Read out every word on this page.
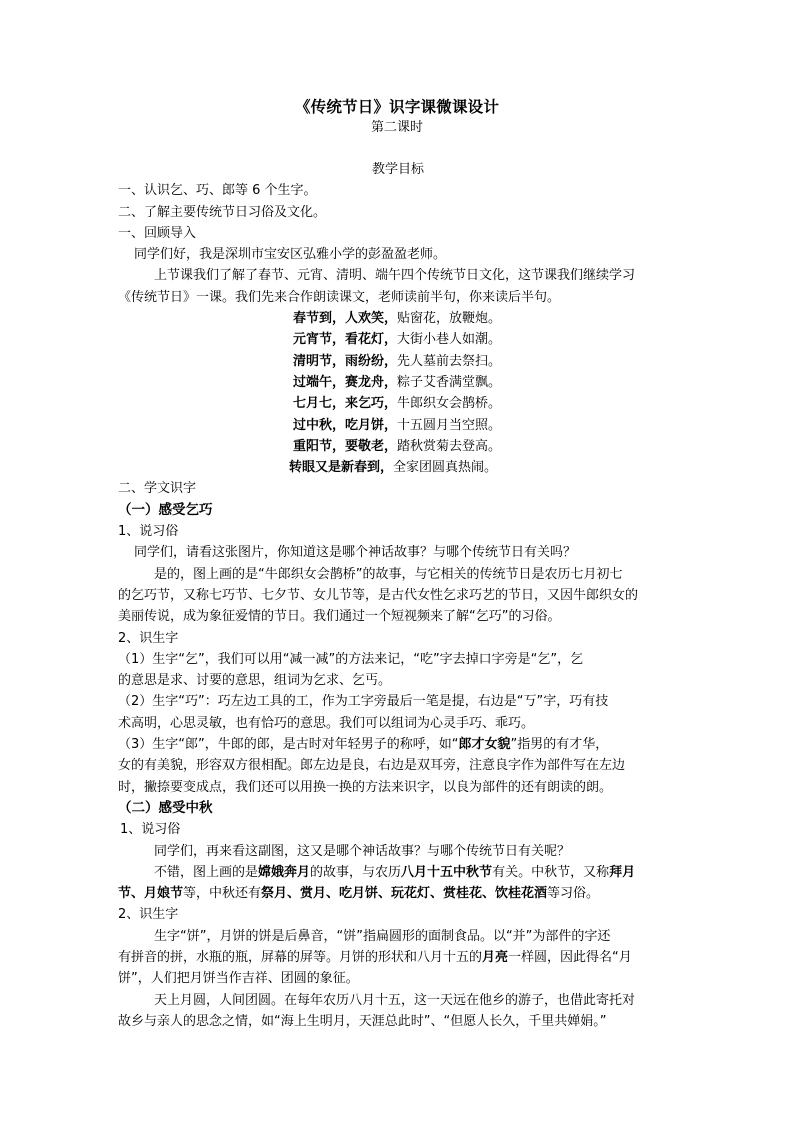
《传统节日》识字课微课设计
第二课时
教学目标
一、认识乞、巧、郎等 6 个生字。
二、了解主要传统节日习俗及文化。
一、回顾导入
同学们好，我是深圳市宝安区弘雅小学的彭盈盈老师。
上节课我们了解了春节、元宵、清明、端午四个传统节日文化，这节课我们继续学习
《传统节日》一课。我们先来合作朗读课文，老师读前半句，你来读后半句。
春节到，人欢笑，贴窗花，放鞭炮。
元宵节，看花灯，大街小巷人如潮。
清明节，雨纷纷，先人墓前去祭扫。
过端午，赛龙舟，粽子艾香满堂飘。
七月七，来乞巧，牛郎织女会鹊桥。
过中秋，吃月饼，十五圆月当空照。
重阳节，要敬老，踏秋赏菊去登高。
转眼又是新春到，全家团圆真热闹。
二、学文识字
（一）感受乞巧
1、说习俗
同学们，请看这张图片，你知道这是哪个神话故事？与哪个传统节日有关吗？
是的，图上画的是“牛郎织女会鹊桥”的故事，与它相关的传统节日是农历七月初七
的乞巧节，又称七巧节、七夕节、女儿节等，是古代女性乞求巧艺的节日，又因牛郎织女的
美丽传说，成为象征爱情的节日。我们通过一个短视频来了解“乞巧”的习俗。
2、识生字
（1）生字“乞”，我们可以用“减一减”的方法来记，“吃”字去掉口字旁是“乞”，乞
的意思是求、讨要的意思，组词为乞求、乞丐。
（2）生字“巧”：巧左边工具的工，作为工字旁最后一笔是提，右边是“丂”字，巧有技
术高明，心思灵敏，也有恰巧的意思。我们可以组词为心灵手巧、乖巧。
（3）生字“郎”，牛郎的郎，是古时对年轻男子的称呼，如“郎才女貌”指男的有才华，
女的有美貌，形容双方很相配。郎左边是良，右边是双耳旁，注意良字作为部件写在左边
时，撇捺要变成点，我们还可以用换一换的方法来识字，以良为部件的还有朗读的朗。
（二）感受中秋
1、说习俗
同学们，再来看这副图，这又是哪个神话故事？与哪个传统节日有关呢？
不错，图上画的是嫦娥奔月的故事，与农历八月十五中秋节有关。中秋节，又称拜月
节、月娘节等，中秋还有祭月、赏月、吃月饼、玩花灯、赏桂花、饮桂花酒等习俗。
2、识生字
生字“饼”，月饼的饼是后鼻音，“饼”指扁圆形的面制食品。以“并”为部件的字还
有拼音的拼，水瓶的瓶，屏幕的屏等。月饼的形状和八月十五的月亮一样圆，因此得名“月
饼”，人们把月饼当作吉祥、团圆的象征。
天上月圆，人间团圆。在每年农历八月十五，这一天远在他乡的游子，也借此寄托对
故乡与亲人的思念之情，如“海上生明月，天涯总此时”、“但愿人长久，千里共婵娟。”
